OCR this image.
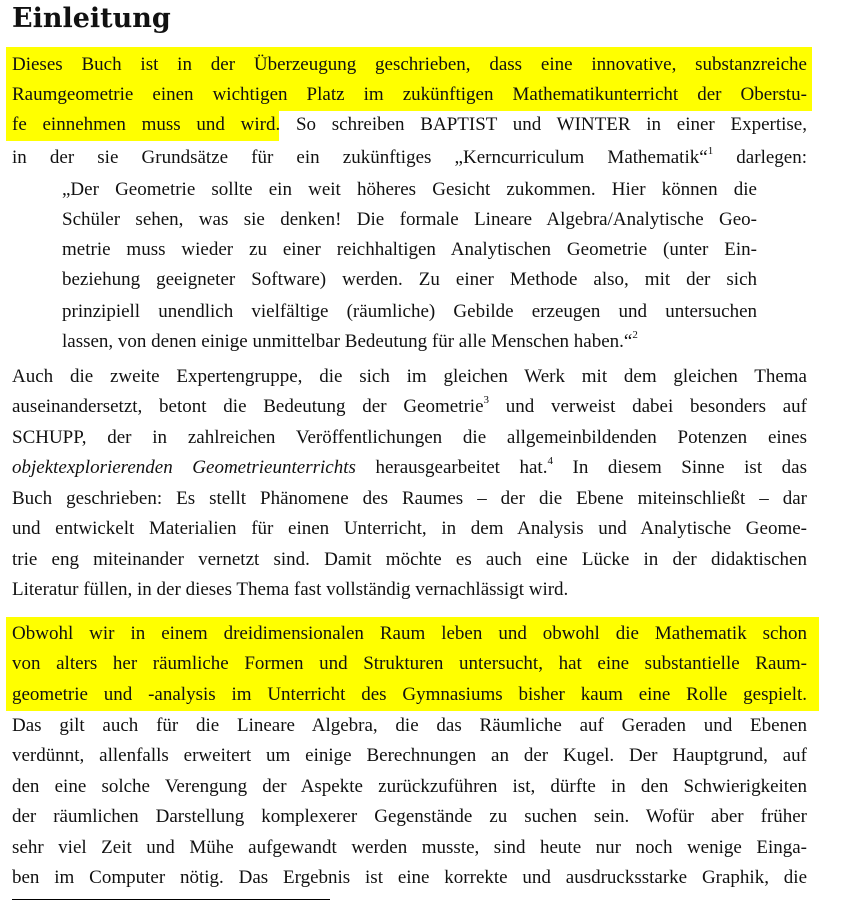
Einleitung
Dieses Buch ist in der Überzeugung geschrieben, dass eine innovative, substanzreiche
Raumgeometrie einen wichtigen Platz im zukünftigen Mathematikunterricht der Oberstu-
fe einnehmen muss und wird. So schreiben BAPTIST und WINTER in einer Expertise,
in der sie Grundsätze für ein zukünftiges „Kerncurriculum Mathematik“$^1$ darlegen:
„Der Geometrie sollte ein weit höheres Gesicht zukommen. Hier können die
Schüler sehen, was sie denken! Die formale Lineare Algebra/Analytische Geo-
metrie muss wieder zu einer reichhaltigen Analytischen Geometrie (unter Ein-
beziehung geeigneter Software) werden. Zu einer Methode also, mit der sich
prinzipiell unendlich vielfältige (räumliche) Gebilde erzeugen und untersuchen
lassen, von denen einige unmittelbar Bedeutung für alle Menschen haben.“$^2$
Auch die zweite Expertengruppe, die sich im gleichen Werk mit dem gleichen Thema
auseinandersetzt, betont die Bedeutung der Geometrie$^3$ und verweist dabei besonders auf
SCHUPP, der in zahlreichen Veröffentlichungen die allgemeinbildenden Potenzen eines
objektexplorierenden Geometrieunterrichts herausgearbeitet hat.$^4$ In diesem Sinne ist das
Buch geschrieben: Es stellt Phänomene des Raumes – der die Ebene miteinschließt – dar
und entwickelt Materialien für einen Unterricht, in dem Analysis und Analytische Geome-
trie eng miteinander vernetzt sind. Damit möchte es auch eine Lücke in der didaktischen
Literatur füllen, in der dieses Thema fast vollständig vernachlässigt wird.
Obwohl wir in einem dreidimensionalen Raum leben und obwohl die Mathematik schon
von alters her räumliche Formen und Strukturen untersucht, hat eine substantielle Raum-
geometrie und -analysis im Unterricht des Gymnasiums bisher kaum eine Rolle gespielt.
Das gilt auch für die Lineare Algebra, die das Räumliche auf Geraden und Ebenen
verdünnt, allenfalls erweitert um einige Berechnungen an der Kugel. Der Hauptgrund, auf
den eine solche Verengung der Aspekte zurückzuführen ist, dürfte in den Schwierigkeiten
der räumlichen Darstellung komplexerer Gegenstände zu suchen sein. Wofür aber früher
sehr viel Zeit und Mühe aufgewandt werden musste, sind heute nur noch wenige Einga-
ben im Computer nötig. Das Ergebnis ist eine korrekte und ausdrucksstarke Graphik, die
